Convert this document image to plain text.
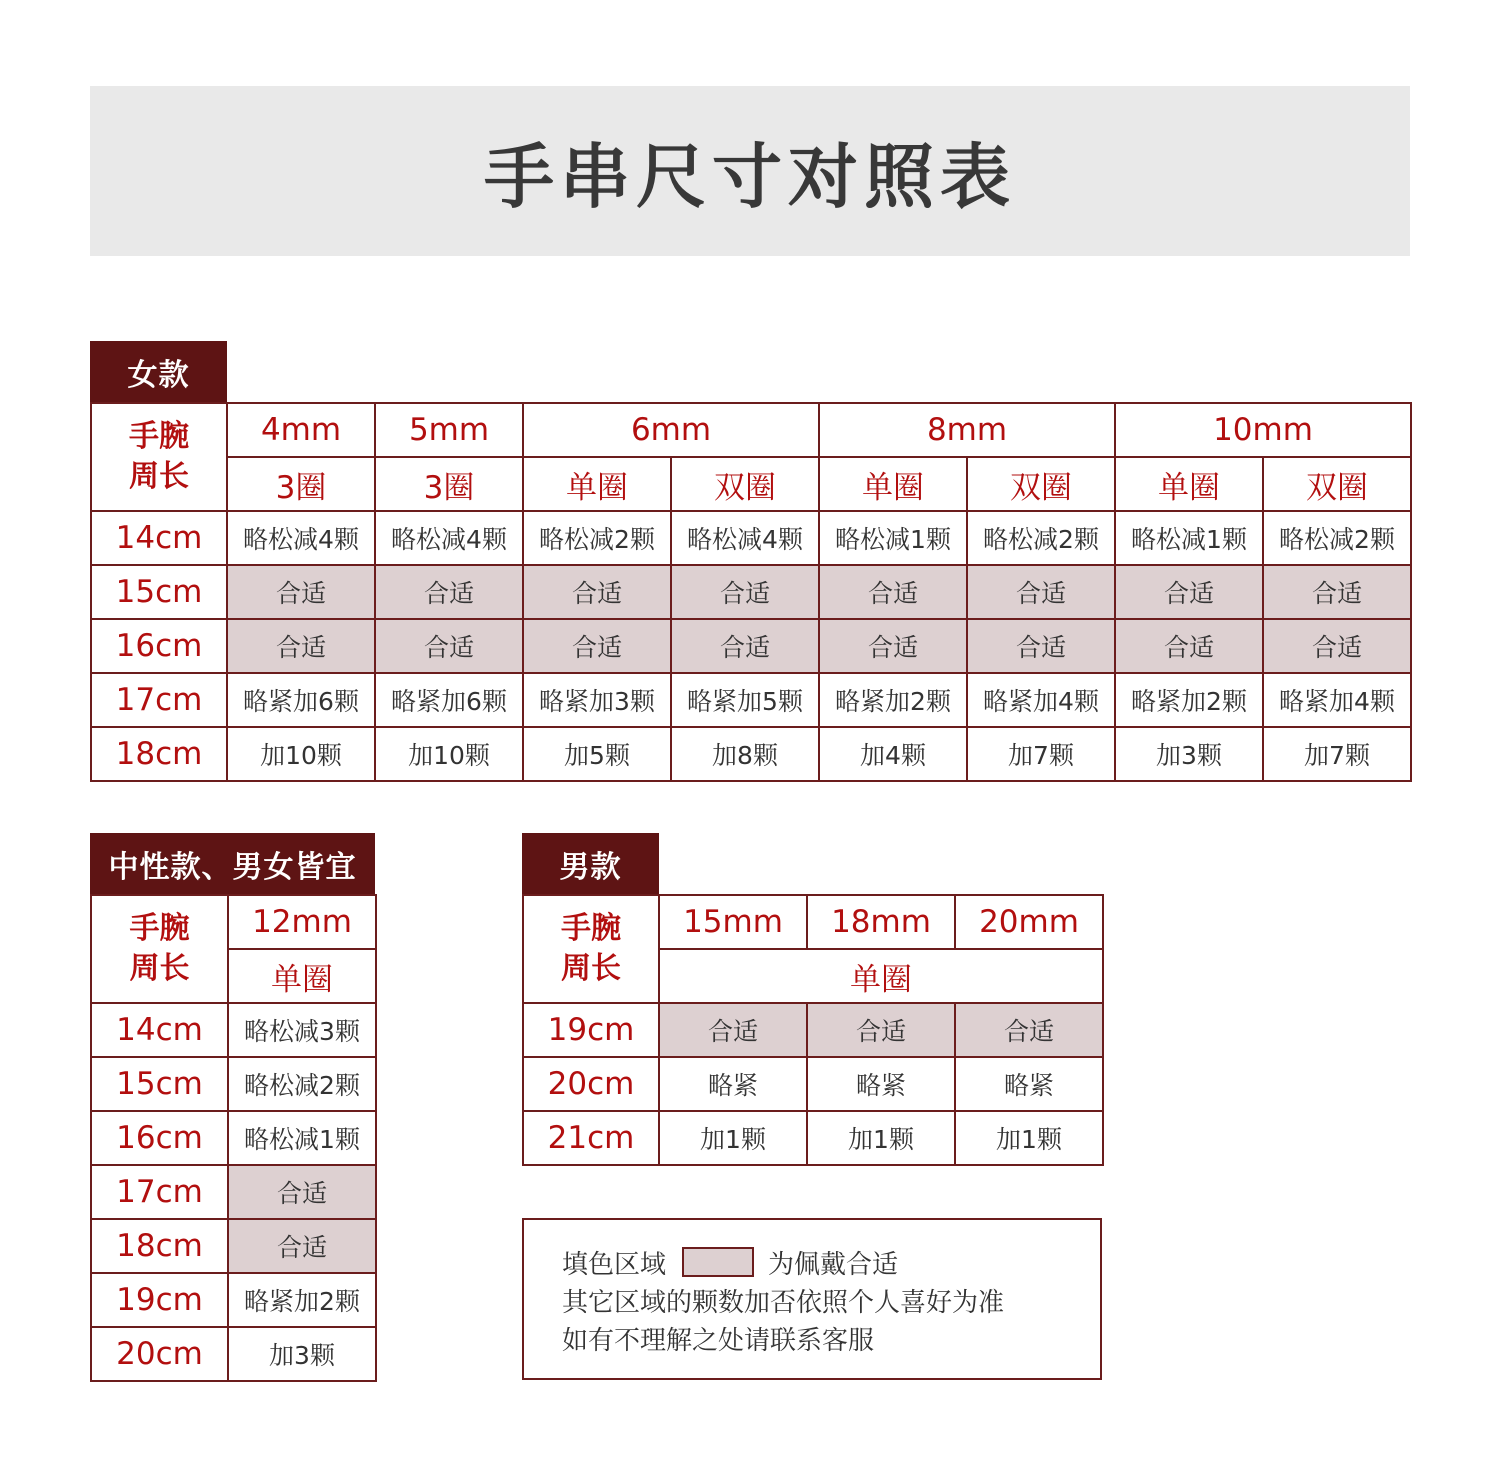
手串尺寸对照表
女款
手腕
周长	4mm	5mm	6mm		8mm		10mm	
	3圈	3圈	单圈	双圈	单圈	双圈	单圈	双圈
14cm	略松减4颗	略松减4颗	略松减2颗	略松减4颗	略松减1颗	略松减2颗	略松减1颗	略松减2颗
15cm	合适	合适	合适	合适	合适	合适	合适	合适
16cm	合适	合适	合适	合适	合适	合适	合适	合适
17cm	略紧加6颗	略紧加6颗	略紧加3颗	略紧加5颗	略紧加2颗	略紧加4颗	略紧加2颗	略紧加4颗
18cm	加10颗	加10颗	加5颗	加8颗	加4颗	加7颗	加3颗	加7颗
中性款、男女皆宜
手腕
周长	12mm
	单圈
14cm	略松减3颗
15cm	略松减2颗
16cm	略松减1颗
17cm	合适
18cm	合适
19cm	略紧加2颗
20cm	加3颗
男款
手腕
周长	15mm	18mm	20mm
	单圈		
19cm	合适	合适	合适
20cm	略紧	略紧	略紧
21cm	加1颗	加1颗	加1颗
填色区域	为佩戴合适
其它区域的颗数加否依照个人喜好为准
如有不理解之处请联系客服
